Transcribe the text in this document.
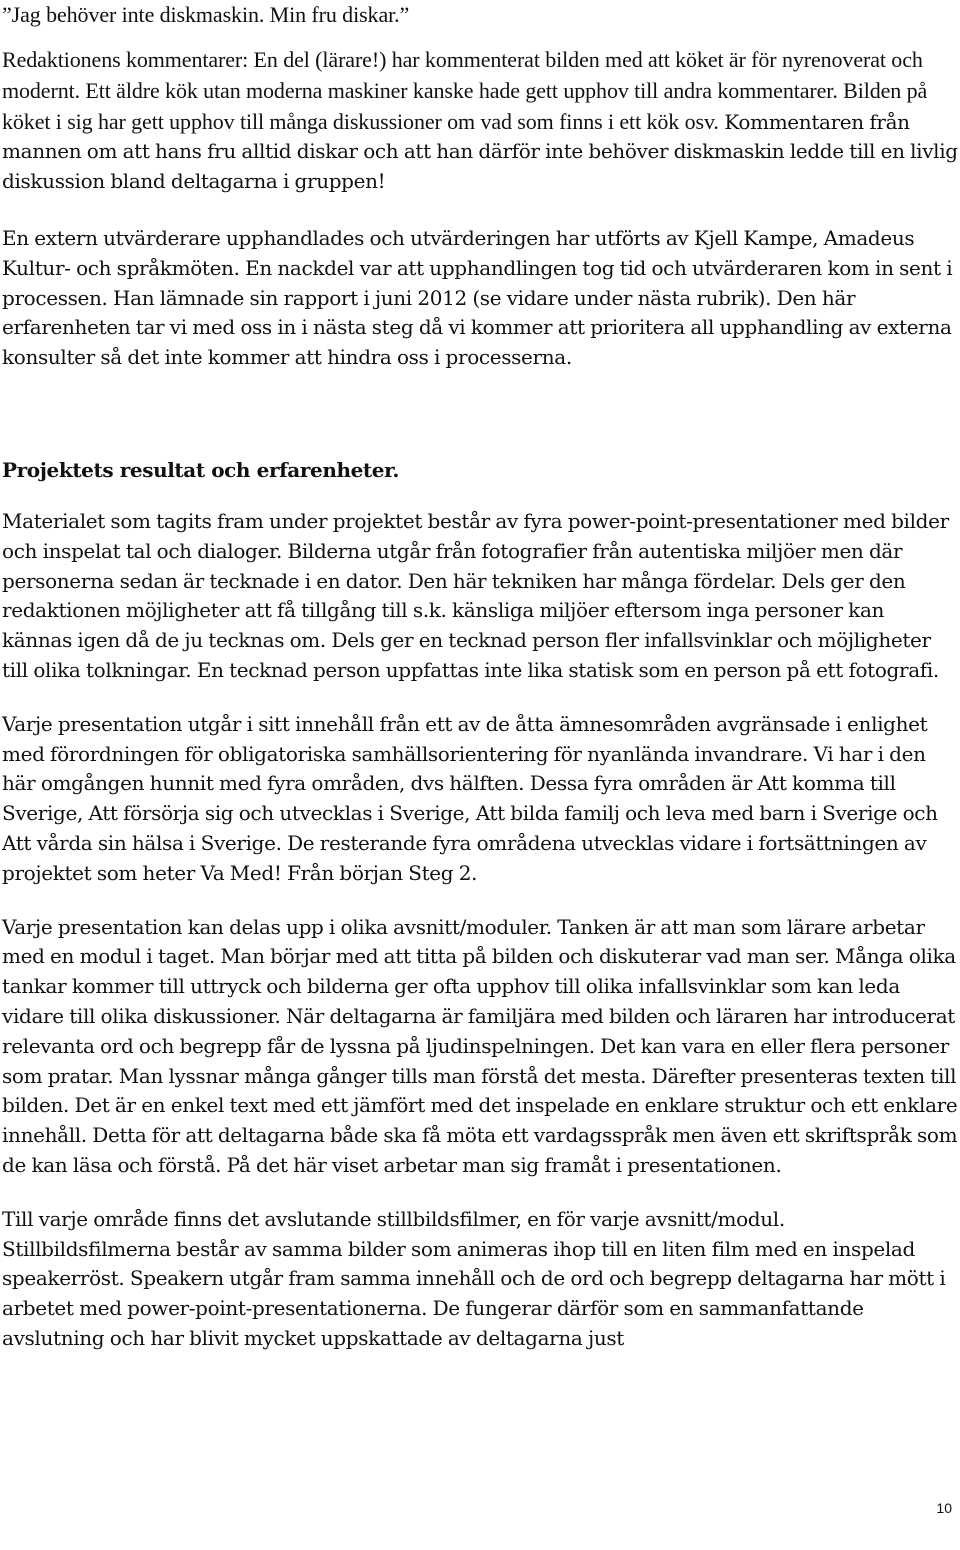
”Jag behöver inte diskmaskin. Min fru diskar.”

Redaktionens kommentarer: En del (lärare!) har kommenterat bilden med att köket är för nyrenoverat och modernt. Ett äldre kök utan moderna maskiner kanske hade gett upphov till andra kommentarer. Bilden på köket i sig har gett upphov till många diskussioner om vad som finns i ett kök osv. Kommentaren från mannen om att hans fru alltid diskar och att han därför inte behöver diskmaskin ledde till en livlig diskussion bland deltagarna i gruppen!

En extern utvärderare upphandlades och utvärderingen har utförts av Kjell Kampe, Amadeus Kultur- och språkmöten. En nackdel var att upphandlingen tog tid och utvärderaren kom in sent i processen. Han lämnade sin rapport i juni 2012 (se vidare under nästa rubrik). Den här erfarenheten tar vi med oss in i nästa steg då vi kommer att prioritera all upphandling av externa konsulter så det inte kommer att hindra oss i processerna.

Projektets resultat och erfarenheter.

Materialet som tagits fram under projektet består av fyra power-point-presentationer med bilder och inspelat tal och dialoger. Bilderna utgår från fotografier från autentiska miljöer men där personerna sedan är tecknade i en dator. Den här tekniken har många fördelar. Dels ger den redaktionen möjligheter att få tillgång till s.k. känsliga miljöer eftersom inga personer kan kännas igen då de ju tecknas om. Dels ger en tecknad person fler infallsvinklar och möjligheter till olika tolkningar. En tecknad person uppfattas inte lika statisk som en person på ett fotografi.

Varje presentation utgår i sitt innehåll från ett av de åtta ämnesområden avgränsade i enlighet med förordningen för obligatoriska samhällsorientering för nyanlända invandrare. Vi har i den här omgången hunnit med fyra områden, dvs hälften. Dessa fyra områden är Att komma till Sverige, Att försörja sig och utvecklas i Sverige, Att bilda familj och leva med barn i Sverige och Att vårda sin hälsa i Sverige. De resterande fyra områdena utvecklas vidare i fortsättningen av projektet som heter Va Med! Från början Steg 2.

Varje presentation kan delas upp i olika avsnitt/moduler. Tanken är att man som lärare arbetar med en modul i taget. Man börjar med att titta på bilden och diskuterar vad man ser. Många olika tankar kommer till uttryck och bilderna ger ofta upphov till olika infallsvinklar som kan leda vidare till olika diskussioner. När deltagarna är familjära med bilden och läraren har introducerat relevanta ord och begrepp får de lyssna på ljudinspelningen. Det kan vara en eller flera personer som pratar. Man lyssnar många gånger tills man förstå det mesta. Därefter presenteras texten till bilden. Det är en enkel text med ett jämfört med det inspelade en enklare struktur och ett enklare innehåll. Detta för att deltagarna både ska få möta ett vardagsspråk men även ett skriftspråk som de kan läsa och förstå. På det här viset arbetar man sig framåt i presentationen.

Till varje område finns det avslutande stillbildsfilmer, en för varje avsnitt/modul. Stillbildsfilmerna består av samma bilder som animeras ihop till en liten film med en inspelad speakerröst. Speakern utgår fram samma innehåll och de ord och begrepp deltagarna har mött i arbetet med power-point-presentationerna. De fungerar därför som en sammanfattande avslutning och har blivit mycket uppskattade av deltagarna just

10
